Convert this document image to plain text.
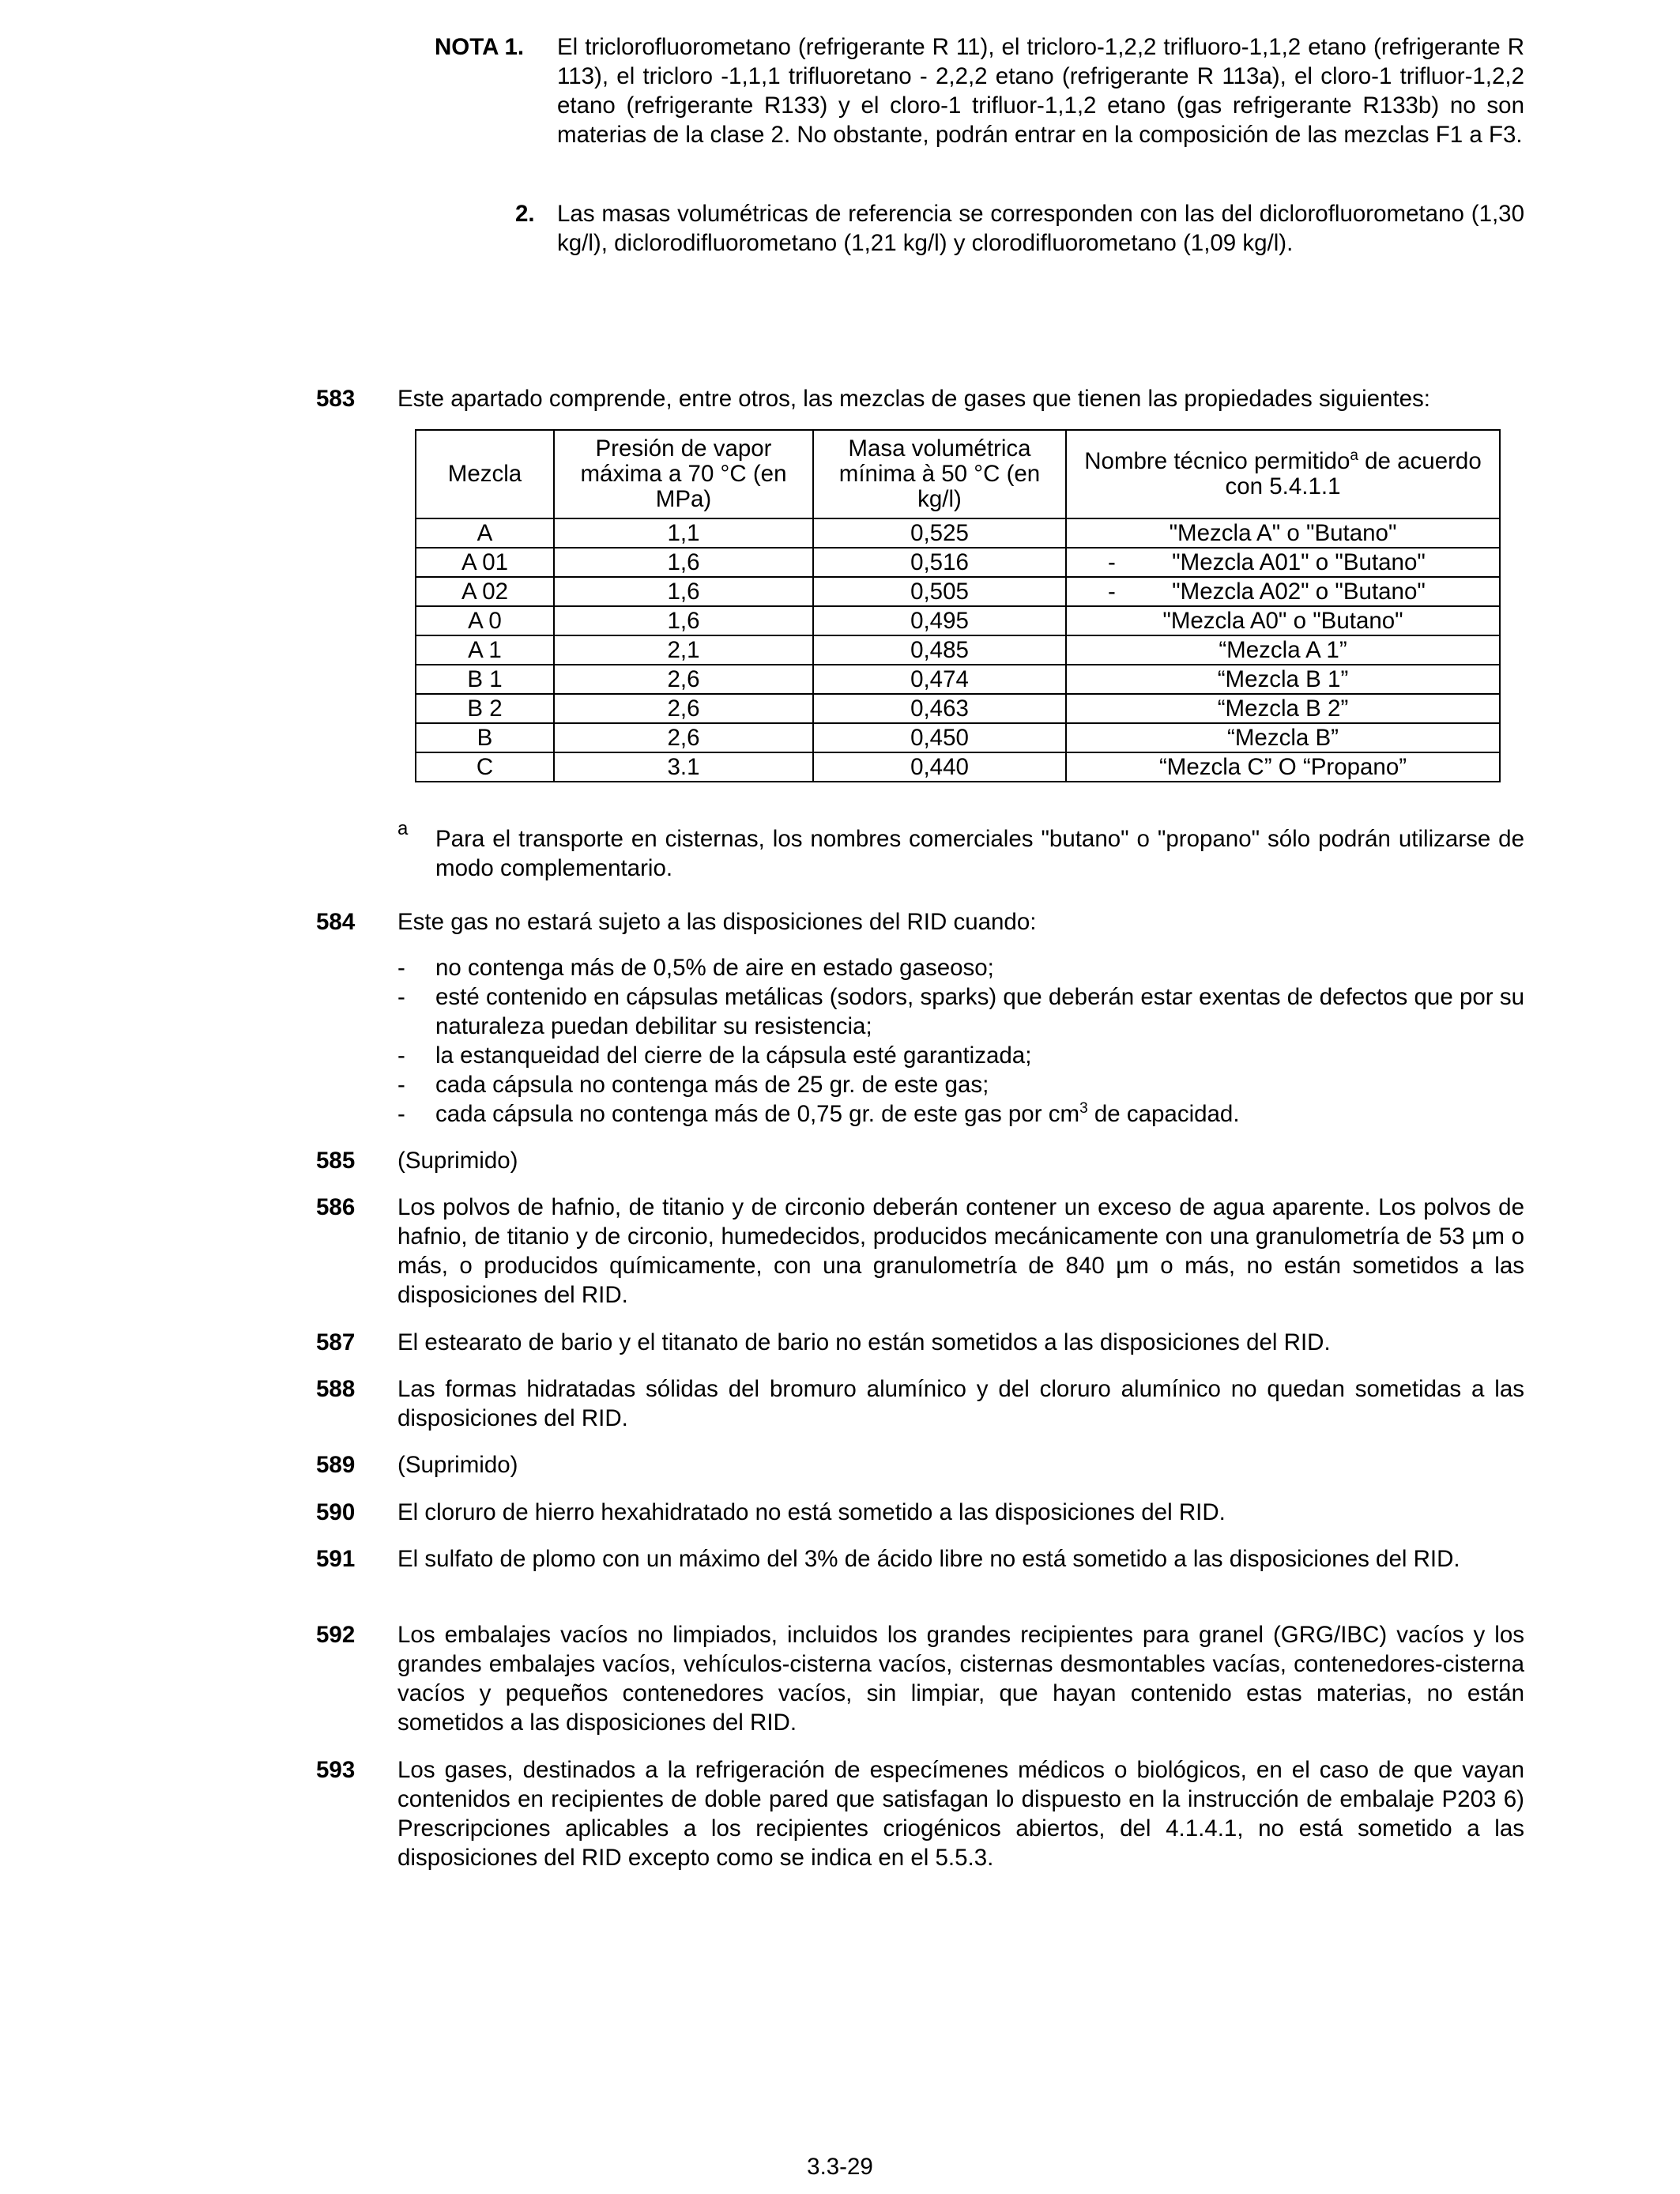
NOTA 1. El triclorofluorometano (refrigerante R 11), el tricloro-1,2,2 trifluoro-1,1,2 etano (refrigerante R 113), el tricloro -1,1,1 trifluoretano - 2,2,2 etano (refrigerante R 113a), el cloro-1 trifluor-1,2,2 etano (refrigerante R133) y el cloro-1 trifluor-1,1,2 etano (gas refrigerante R133b) no son materias de la clase 2. No obstante, podrán entrar en la composición de las mezclas F1 a F3.
2. Las masas volumétricas de referencia se corresponden con las del diclorofluorometano (1,30 kg/l), diclorodifluorometano (1,21 kg/l) y clorodifluorometano (1,09 kg/l).
583 Este apartado comprende, entre otros, las mezclas de gases que tienen las propiedades siguientes:
Mezcla	Presión de vapor máxima a 70 °C (en MPa)	Masa volumétrica mínima à 50 °C (en kg/l)	Nombre técnico permitido$^a$ de acuerdo con 5.4.1.1
A	1,1	0,525	"Mezcla A" o "Butano"
A 01	1,6	0,516	- "Mezcla A01" o "Butano"

A 02	1,6	0,505	- "Mezcla A02" o "Butano"

A 0	1,6	0,495	"Mezcla A0" o "Butano"
A 1	2,1	0,485	“Mezcla A 1”
B 1	2,6	0,474	“Mezcla B 1”
B 2	2,6	0,463	“Mezcla B 2”
B	2,6	0,450	“Mezcla B”
C	3.1	0,440	“Mezcla C” O “Propano”
a Para el transporte en cisternas, los nombres comerciales "butano" o "propano" sólo podrán utilizarse de modo complementario.
584 Este gas no estará sujeto a las disposiciones del RID cuando:
- no contenga más de 0,5% de aire en estado gaseoso;
- esté contenido en cápsulas metálicas (sodors, sparks) que deberán estar exentas de defectos que por su naturaleza puedan debilitar su resistencia;
- la estanqueidad del cierre de la cápsula esté garantizada;
- cada cápsula no contenga más de 25 gr. de este gas;
- cada cápsula no contenga más de 0,75 gr. de este gas por $cm^3$ de capacidad.
585 (Suprimido)
586 Los polvos de hafnio, de titanio y de circonio deberán contener un exceso de agua aparente. Los polvos de hafnio, de titanio y de circonio, humedecidos, producidos mecánicamente con una granulometría de 53 µm o más, o producidos químicamente, con una granulometría de 840 µm o más, no están sometidos a las disposiciones del RID.
587 El estearato de bario y el titanato de bario no están sometidos a las disposiciones del RID.
588 Las formas hidratadas sólidas del bromuro alumínico y del cloruro alumínico no quedan sometidas a las disposiciones del RID.
589 (Suprimido)
590 El cloruro de hierro hexahidratado no está sometido a las disposiciones del RID.
591 El sulfato de plomo con un máximo del 3% de ácido libre no está sometido a las disposiciones del RID.
592 Los embalajes vacíos no limpiados, incluidos los grandes recipientes para granel (GRG/IBC) vacíos y los grandes embalajes vacíos, vehículos-cisterna vacíos, cisternas desmontables vacías, contenedores-cisterna vacíos y pequeños contenedores vacíos, sin limpiar, que hayan contenido estas materias, no están sometidos a las disposiciones del RID.
593 Los gases, destinados a la refrigeración de especímenes médicos o biológicos, en el caso de que vayan contenidos en recipientes de doble pared que satisfagan lo dispuesto en la instrucción de embalaje P203 6) Prescripciones aplicables a los recipientes criogénicos abiertos, del 4.1.4.1, no está sometido a las disposiciones del RID excepto como se indica en el 5.5.3.
3.3-29
